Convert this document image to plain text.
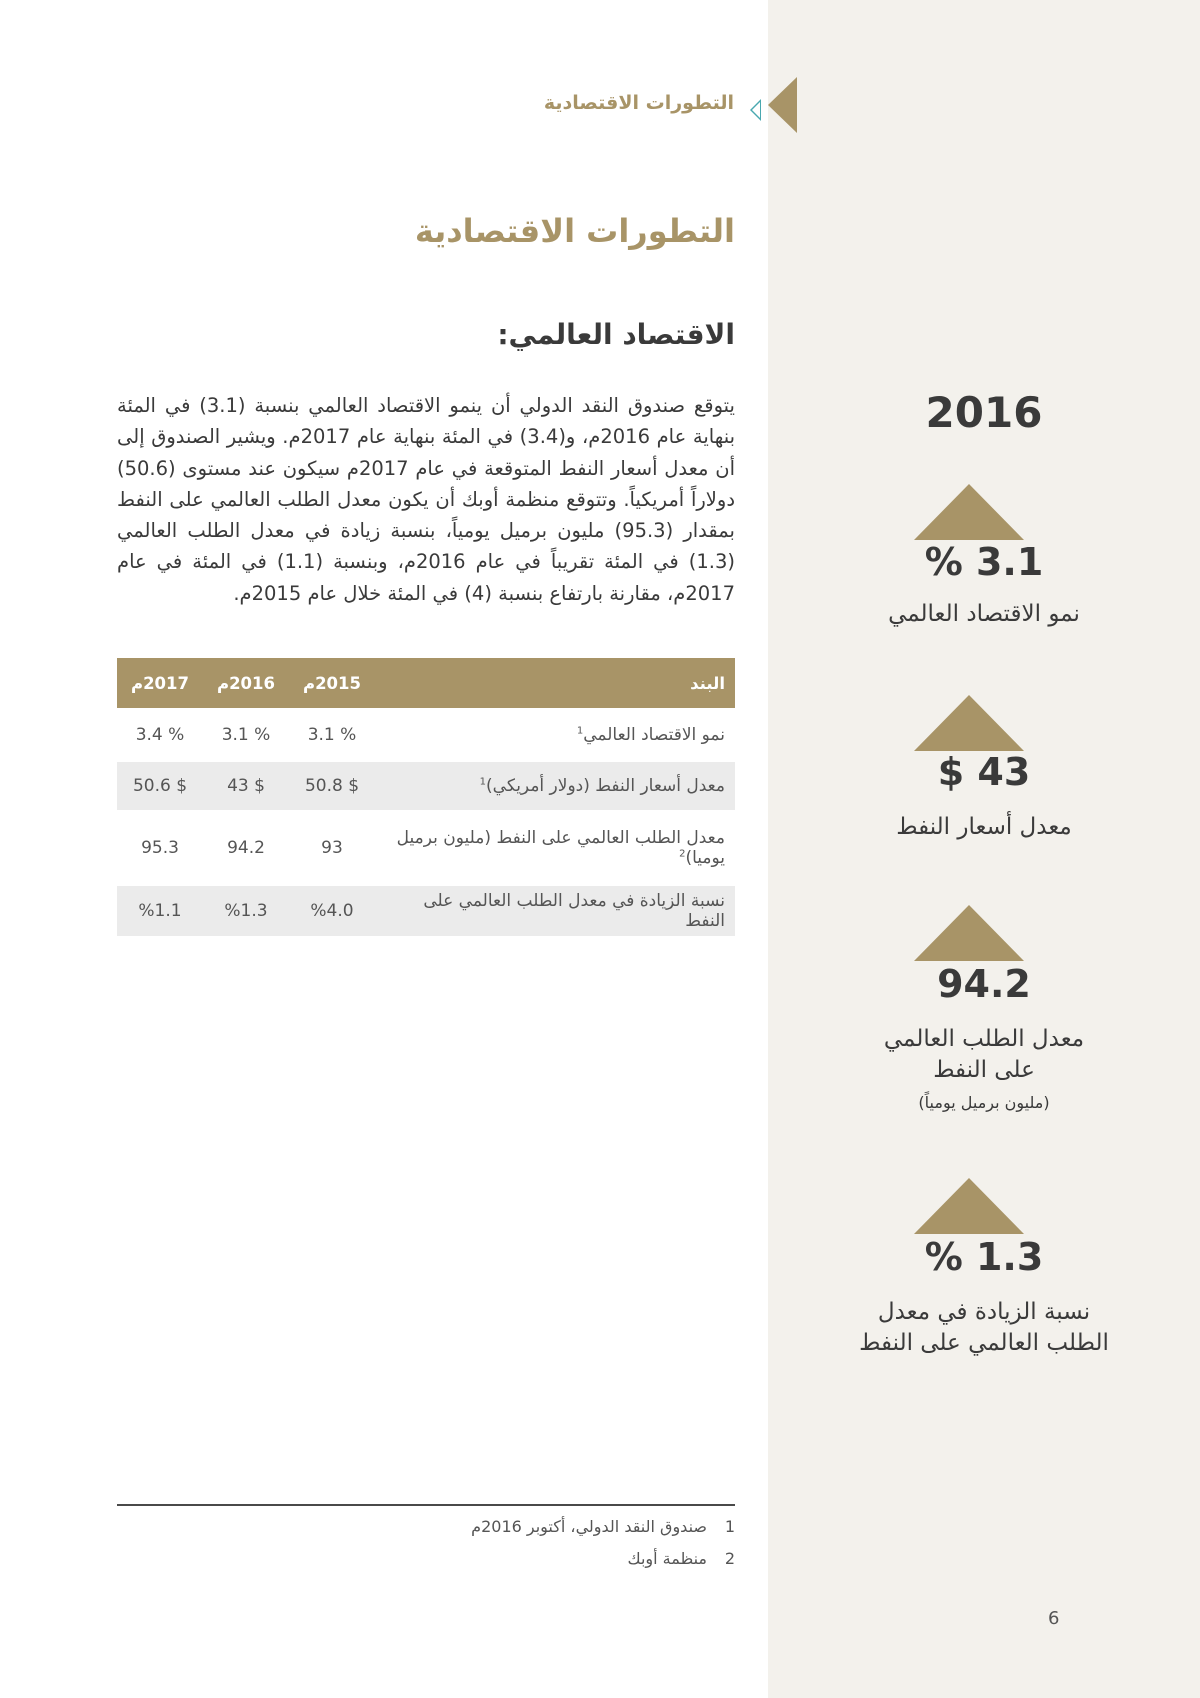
التطورات الاقتصادية
التطورات الاقتصادية
الاقتصاد العالمي:
يتوقع صندوق النقد الدولي أن ينمو الاقتصاد العالمي بنسبة (3.1) في المئة بنهاية عام 2016م، و(3.4) في المئة بنهاية عام 2017م. ويشير الصندوق إلى أن معدل أسعار النفط المتوقعة في عام 2017م سيكون عند مستوى (50.6) دولاراً أمريكياً. وتتوقع منظمة أوبك أن يكون معدل الطلب العالمي على النفط بمقدار (95.3) مليون برميل يومياً، بنسبة زيادة في معدل الطلب العالمي (1.3) في المئة تقريباً في عام 2016م، وبنسبة (1.1) في المئة في عام 2017م، مقارنة بارتفاع بنسبة (4) في المئة خلال عام 2015م.
البند	2015م	2016م	2017م
نمو الاقتصاد العالمي$^1$	% 3.1	% 3.1	% 3.4
معدل أسعار النفط (دولار أمريكي)$^1$	$ 50.8	$ 43	$ 50.6
معدل الطلب العالمي على النفط (مليون برميل يوميا)$^2$	93	94.2	95.3
نسبة الزيادة في معدل الطلب العالمي على النفط	%4.0	%1.3	%1.1
1صندوق النقد الدولي، أكتوبر 2016م
2منظمة أوبك
6
2016
% 3.1
نمو الاقتصاد العالمي
$ 43
معدل أسعار النفط
94.2
معدل الطلب العالمي
على النفط
(مليون برميل يومياً)
% 1.3
نسبة الزيادة في معدل
الطلب العالمي على النفط
